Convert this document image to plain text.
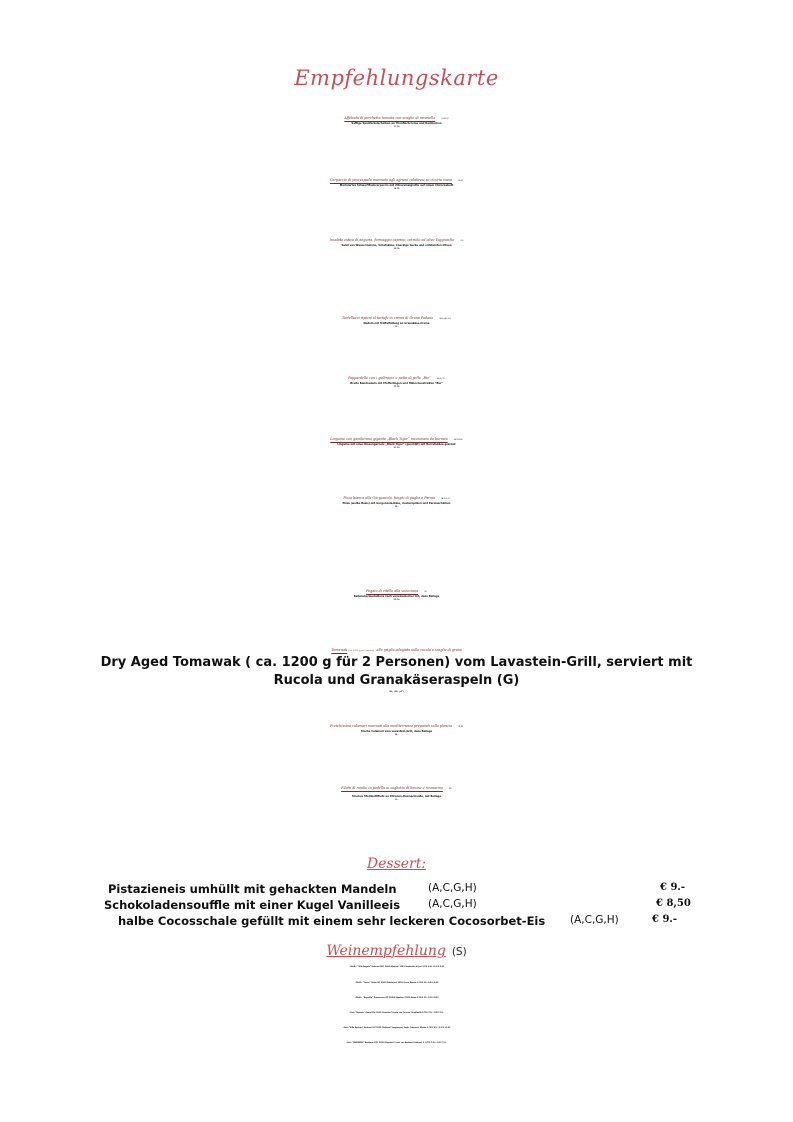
Empfehlungskarte
Affettato di porchetta tonnata con scaglie di ravanello	(G,D,I,J)
Saftige Spanferkelscheiben an Thunfischcreme und Radieschen
15,50
Carpaccio di pescespada marinato agli agrumi calabresi su cicoria rossa	(D,H)
Mariniertes Schwertfischcarpaccio mit Zitrusvinaigrette auf rotem Chicoréebett
16,50
Insalata estiva di anguria, formaggio caprino, cetriolo ed olive Taggiasche	(G)
Salat von Wassermelone, Schafskäse, knackige Gurke und entsteinten Oliven
14,50
Tortellacci ripieni al tartufo in crema di Grana Padano	(A,G,I,J,N,F,2,3)
Nudeln mit Trüffelfüllung an Granakäse-Creme
19,-
Pappardelle con i gallinacci e petto di pollo „Bio“	(A,G,C,I)
Breite Bandnudeln mit Pfefferlingen und Hähnchenstreifen “Bio”
19,50
Linguine con gamberone gigante „Black Tiger“ incoronato da burrata	(A,G,D,B)
Linguine mit einer Riesengarnele „Black Tiger“ (geschält) mit Burratakäse gekrönt
25,50
Pizza bianca alla Gorgonzola, funghi di paglia e Parma	(A,G,1,2)
Pizza (weiße Basis) mit Gorgonzola-Käse, Austernpilzen und Parmaschinken
18,-
Fegato di vitello alla veneziana	(S)
Kalbslebermedaillons nach venezianischer Art, dazu Beilage
29,50
Tomawak ( ca. 1200 g per 2 persone ) alla griglia adagiata sulla rucola e scaglie di grana
Dry Aged Tomawak ( ca. 1200 g für 2 Personen) vom Lavastein-Grill, serviert mit Rucola und Granakäseraspeln (G)
80,- (40,- p.P)
Freschissimi calamari marinati alla mediterranea preparati sulla plancia	(D,N)
frische Calamari vom Lavastein-Grill, dazu Beilage
30,-
Filetti di rombo in padella in sughetto di limone e rosmarino	(D)
frisches Steinbuttfilets an Zitronen-Rosmarinsoße, mit Beilage
33,-
Dessert:
Pistazieneis umhüllt mit gehackten Mandeln	(A,C,G,H)	€ 9.-
Schokoladensouffle mit einer Kugel Vanilleeis	(A,C,G,H)	€ 8,50
halbe Cocosschale gefüllt mit einem sehr leckeren Cocosorbet-Eis (A,C,G,H)	€ 9.-
Weinempfehlung (S)
~Weiß~ “Villa Angela” Velenosi DOC 2024 (Marken) 100% Verdicchio di Jesi 0,75l € 30- /0,2l € 8,50
~Weiß~ “Greco” Statti IGT 2025 (Kalabrien) 100% Greco Bianco 0,75l € 30- /0,2l € 8,50
~Weiß~ “Roycello” Tormaresca IGT 20254 (Apulien) 100% Fiano 0,75l € 30- /0,2l € 8,50
~Rot~”Ripasso” Zonin DOC 2022 (Venetien) Cuvée von Corvina, Rondinella 0,75l € 35,- /0,2l € 10,-
~Rot~”Villa Antinori” Antinori IGT 2023 (Toskana) Sangiovese, Sirah, Cabernet, Merlot 0,75l € 40,- /0,2l € 12,50
~Rot~”DUEDIDUE” Bonfante DOC 2018 (Piemont) Cuvée von Barbera-Cabernet S. 0,75l € 35,- /0,2l € 10,-
